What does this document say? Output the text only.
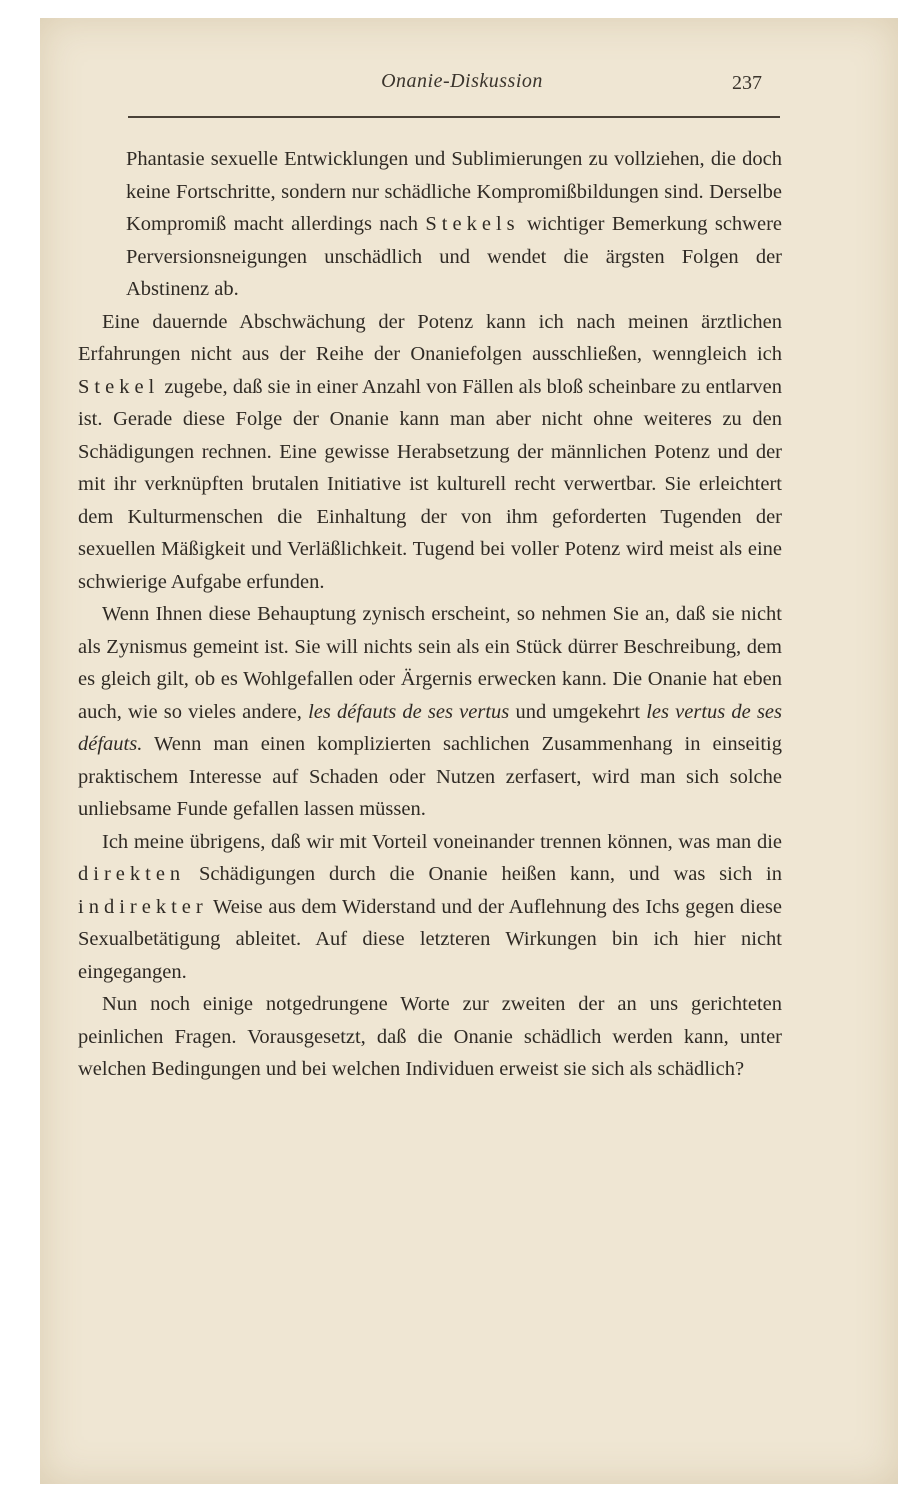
Onanie-Diskussion	237

Phantasie sexuelle Entwicklungen und Sublimierungen zu vollziehen, die doch keine Fortschritte, sondern nur schädliche Kompromißbildungen sind. Derselbe Kompromiß macht allerdings nach Stekels wichtiger Bemerkung schwere Perversionsneigungen unschädlich und wendet die ärgsten Folgen der Abstinenz ab.

Eine dauernde Abschwächung der Potenz kann ich nach meinen ärztlichen Erfahrungen nicht aus der Reihe der Onaniefolgen ausschließen, wenngleich ich Stekel zugebe, daß sie in einer Anzahl von Fällen als bloß scheinbare zu entlarven ist. Gerade diese Folge der Onanie kann man aber nicht ohne weiteres zu den Schädigungen rechnen. Eine gewisse Herabsetzung der männlichen Potenz und der mit ihr verknüpften brutalen Initiative ist kulturell recht verwertbar. Sie erleichtert dem Kulturmenschen die Einhaltung der von ihm geforderten Tugenden der sexuellen Mäßigkeit und Verläßlichkeit. Tugend bei voller Potenz wird meist als eine schwierige Aufgabe erfunden.

Wenn Ihnen diese Behauptung zynisch erscheint, so nehmen Sie an, daß sie nicht als Zynismus gemeint ist. Sie will nichts sein als ein Stück dürrer Beschreibung, dem es gleich gilt, ob es Wohlgefallen oder Ärgernis erwecken kann. Die Onanie hat eben auch, wie so vieles andere, les défauts de ses vertus und umgekehrt les vertus de ses défauts. Wenn man einen komplizierten sachlichen Zusammenhang in einseitig praktischem Interesse auf Schaden oder Nutzen zerfasert, wird man sich solche unliebsame Funde gefallen lassen müssen.

Ich meine übrigens, daß wir mit Vorteil voneinander trennen können, was man die direkten Schädigungen durch die Onanie heißen kann, und was sich in indirekter Weise aus dem Widerstand und der Auflehnung des Ichs gegen diese Sexualbetätigung ableitet. Auf diese letzteren Wirkungen bin ich hier nicht eingegangen.

Nun noch einige notgedrungene Worte zur zweiten der an uns gerichteten peinlichen Fragen. Vorausgesetzt, daß die Onanie schädlich werden kann, unter welchen Bedingungen und bei welchen Individuen erweist sie sich als schädlich?
